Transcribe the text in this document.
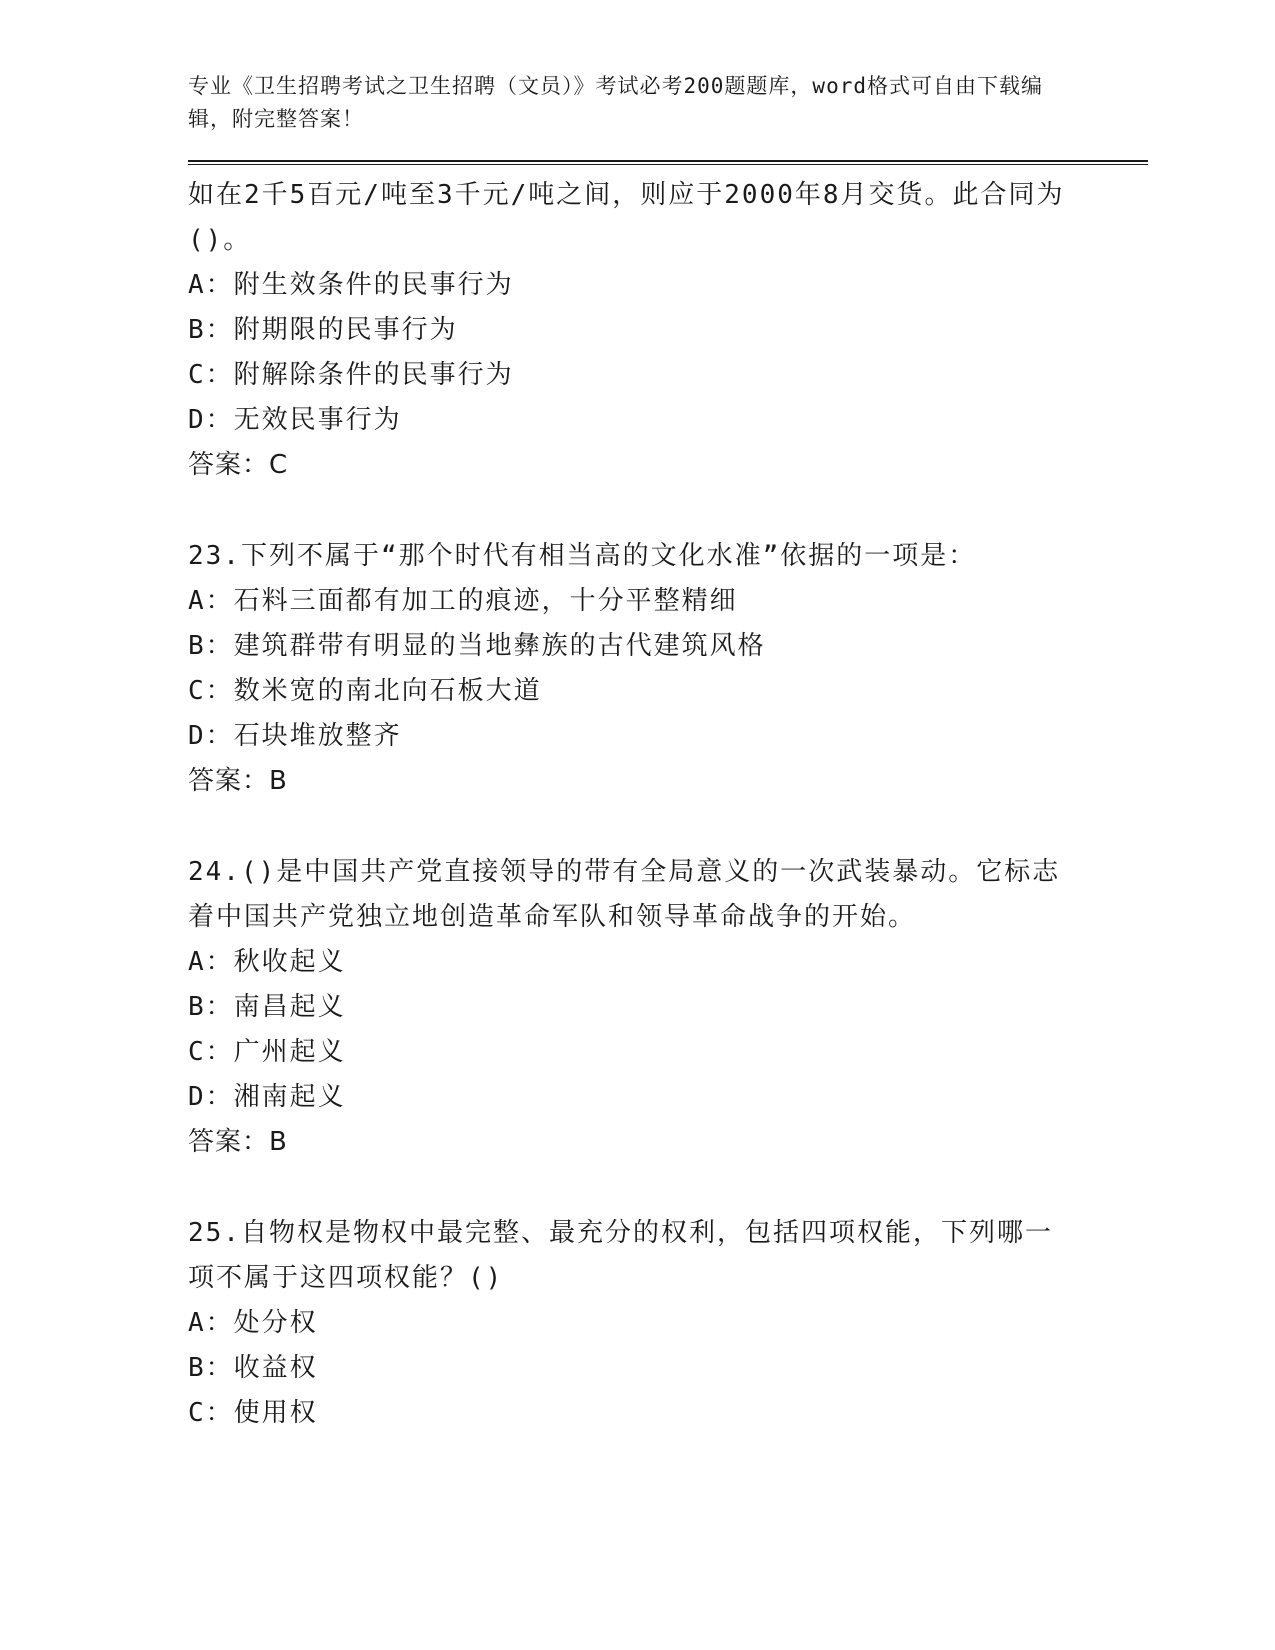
专业《卫生招聘考试之卫生招聘（文员）》考试必考200题题库，word格式可自由下载编辑，附完整答案！
如在2千5百元/吨至3千元/吨之间，则应于2000年8月交货。此合同为()。
A：附生效条件的民事行为
B：附期限的民事行为
C：附解除条件的民事行为
D：无效民事行为
答案：C
23.下列不属于“那个时代有相当高的文化水准”依据的一项是：
A：石料三面都有加工的痕迹，十分平整精细
B：建筑群带有明显的当地彝族的古代建筑风格
C：数米宽的南北向石板大道
D：石块堆放整齐
答案：B
24.()是中国共产党直接领导的带有全局意义的一次武装暴动。它标志着中国共产党独立地创造革命军队和领导革命战争的开始。
A：秋收起义
B：南昌起义
C：广州起义
D：湘南起义
答案：B
25.自物权是物权中最完整、最充分的权利，包括四项权能，下列哪一项不属于这四项权能？()
A：处分权
B：收益权
C：使用权
